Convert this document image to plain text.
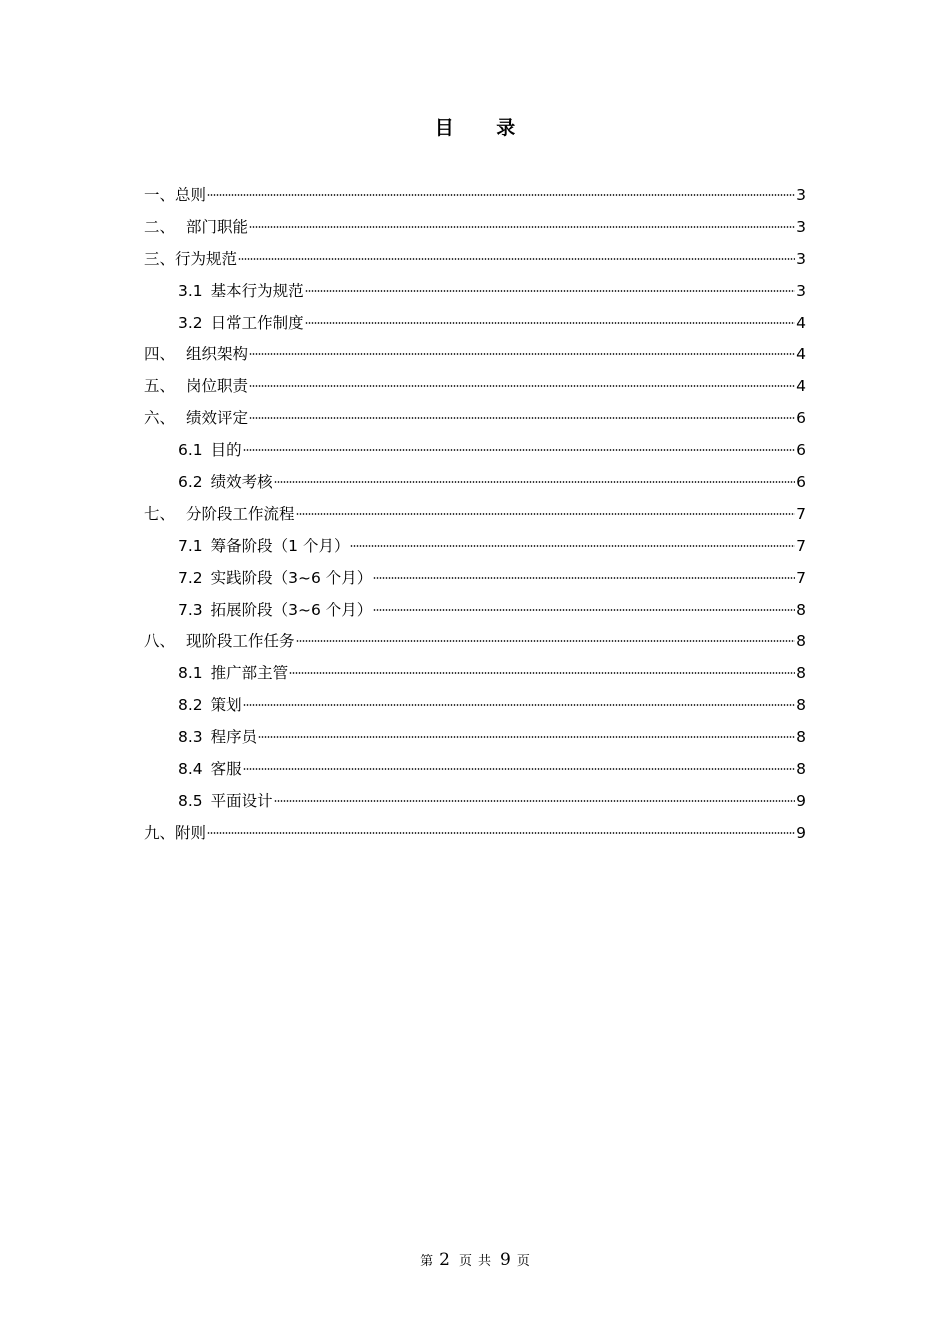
目 录
一、 总则	3
二、 部门职能	3
三、 行为规范	3
3.1 基本行为规范	3
3.2 日常工作制度	4
四、 组织架构	4
五、 岗位职责	4
六、 绩效评定	6
6.1 目的	6
6.2 绩效考核	6
七、 分阶段工作流程	7
7.1 筹备阶段（1 个月）	7
7.2 实践阶段（3~6 个月）	7
7.3 拓展阶段（3~6 个月）	8
八、 现阶段工作任务	8
8.1 推广部主管	8
8.2 策划	8
8.3 程序员	8
8.4 客服	8
8.5 平面设计	9
九、 附则	9
第 2 页 共 9 页
